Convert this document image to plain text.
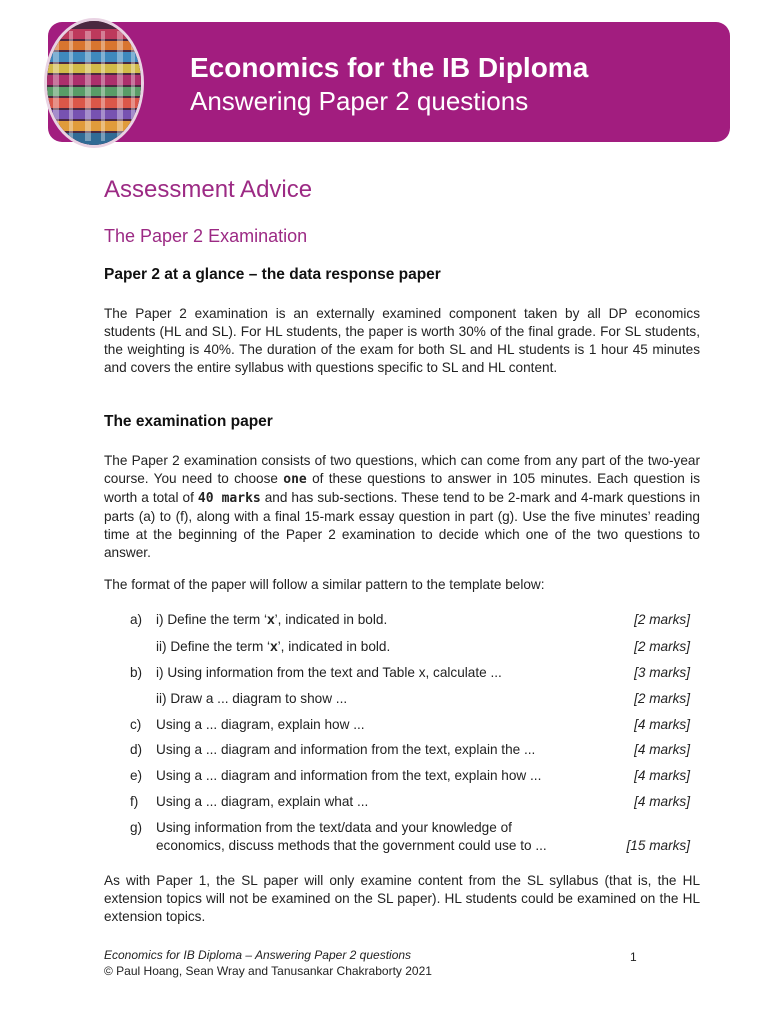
Economics for the IB Diploma
Answering Paper 2 questions
Assessment Advice
The Paper 2 Examination
Paper 2 at a glance – the data response paper
The Paper 2 examination is an externally examined component taken by all DP economics students (HL and SL). For HL students, the paper is worth 30% of the final grade. For SL students, the weighting is 40%. The duration of the exam for both SL and HL students is 1 hour 45 minutes and covers the entire syllabus with questions specific to SL and HL content.
The examination paper
The Paper 2 examination consists of two questions, which can come from any part of the two-year course. You need to choose one of these questions to answer in 105 minutes. Each question is worth a total of 40 marks and has sub-sections. These tend to be 2-mark and 4-mark questions in parts (a) to (f), along with a final 15-mark essay question in part (g). Use the five minutes’ reading time at the beginning of the Paper 2 examination to decide which one of the two questions to answer.
The format of the paper will follow a similar pattern to the template below:
a) i) Define the term ‘x’, indicated in bold.	[2 marks]
ii) Define the term ‘x’, indicated in bold.	[2 marks]
b) i) Using information from the text and Table x, calculate ...	[3 marks]
ii) Draw a ... diagram to show ...	[2 marks]
c) Using a ... diagram, explain how ...	[4 marks]
d) Using a ... diagram and information from the text, explain the ...	[4 marks]
e) Using a ... diagram and information from the text, explain how ...	[4 marks]
f) Using a ... diagram, explain what ...	[4 marks]
g) Using information from the text/data and your knowledge of
economics, discuss methods that the government could use to ...	[15 marks]
As with Paper 1, the SL paper will only examine content from the SL syllabus (that is, the HL extension topics will not be examined on the SL paper). HL students could be examined on the HL extension topics.
Economics for IB Diploma – Answering Paper 2 questions
© Paul Hoang, Sean Wray and Tanusankar Chakraborty 2021
1
